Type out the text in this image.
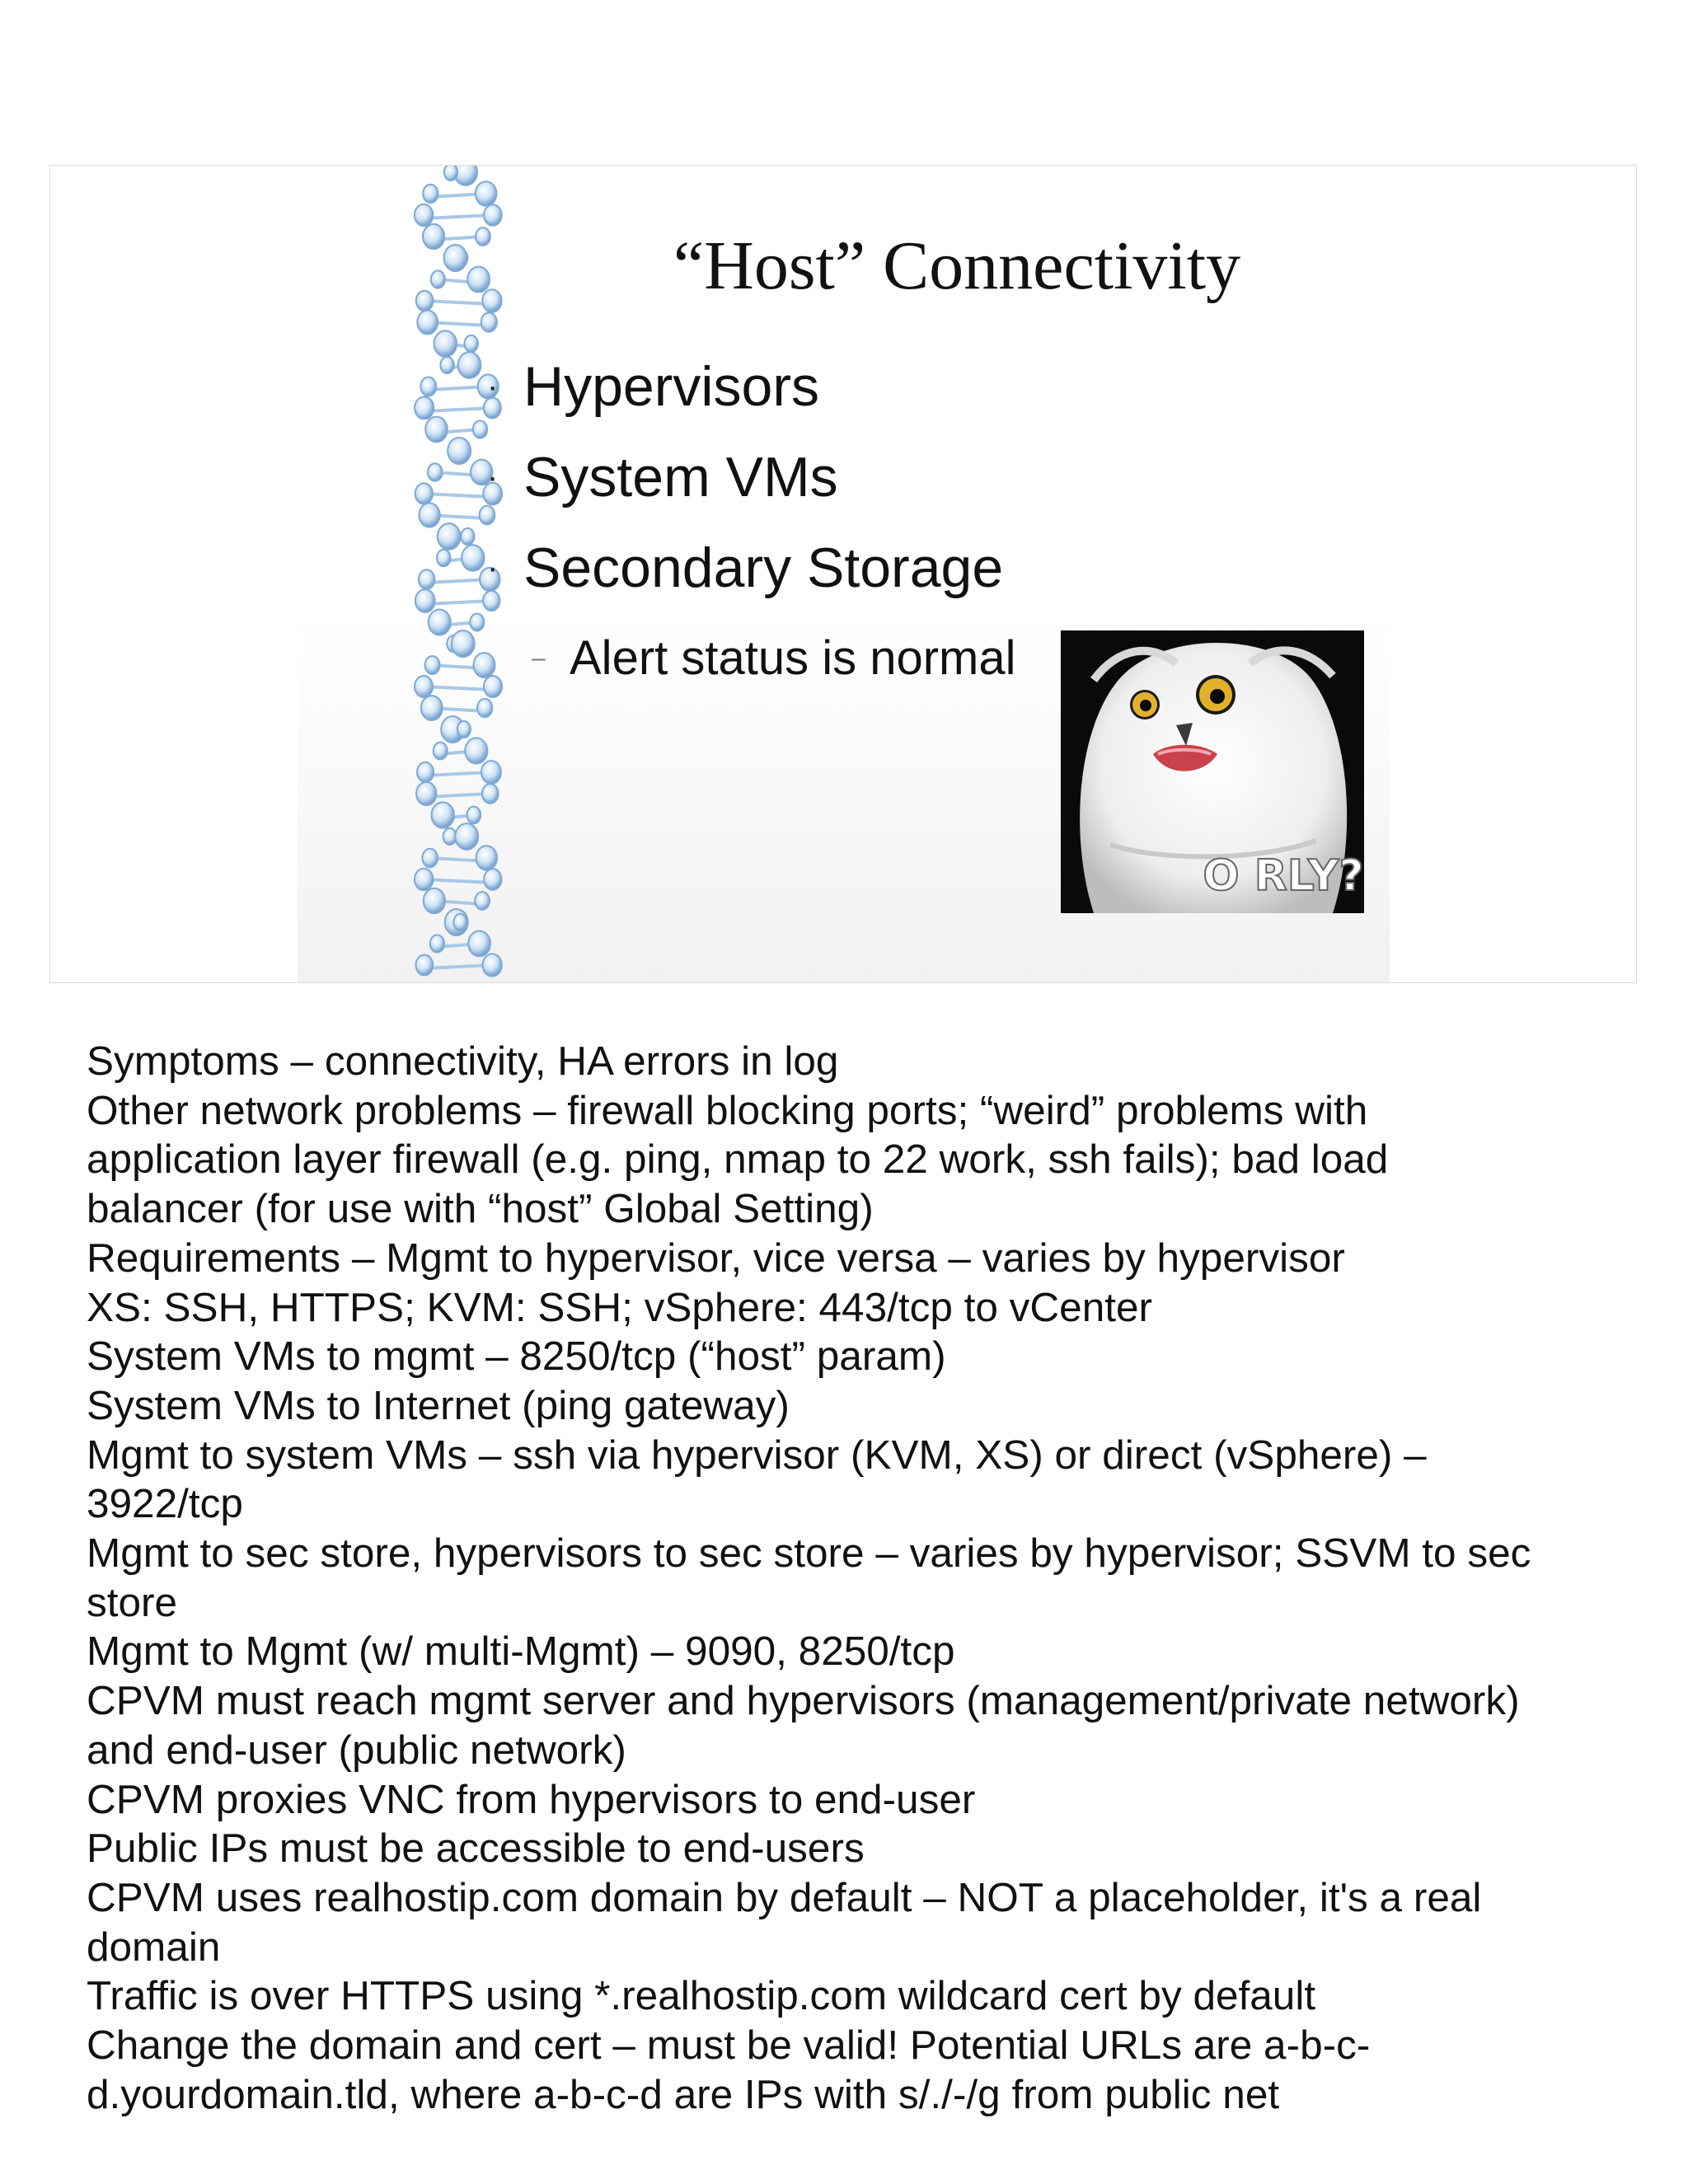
“Host” Connectivity
· Hypervisors
· System VMs
· Secondary Storage
– Alert status is normal
O RLY?
Symptoms – connectivity, HA errors in log
Other network problems – firewall blocking ports; “weird” problems with
application layer firewall (e.g. ping, nmap to 22 work, ssh fails); bad load
balancer (for use with “host” Global Setting)
Requirements – Mgmt to hypervisor, vice versa – varies by hypervisor
XS: SSH, HTTPS; KVM: SSH; vSphere: 443/tcp to vCenter
System VMs to mgmt – 8250/tcp (“host” param)
System VMs to Internet (ping gateway)
Mgmt to system VMs – ssh via hypervisor (KVM, XS) or direct (vSphere) –
3922/tcp
Mgmt to sec store, hypervisors to sec store – varies by hypervisor; SSVM to sec
store
Mgmt to Mgmt (w/ multi-Mgmt) – 9090, 8250/tcp
CPVM must reach mgmt server and hypervisors (management/private network)
and end-user (public network)
CPVM proxies VNC from hypervisors to end-user
Public IPs must be accessible to end-users
CPVM uses realhostip.com domain by default – NOT a placeholder, it's a real
domain
Traffic is over HTTPS using *.realhostip.com wildcard cert by default
Change the domain and cert – must be valid! Potential URLs are a-b-c-
d.yourdomain.tld, where a-b-c-d are IPs with s/./-/g from public net
